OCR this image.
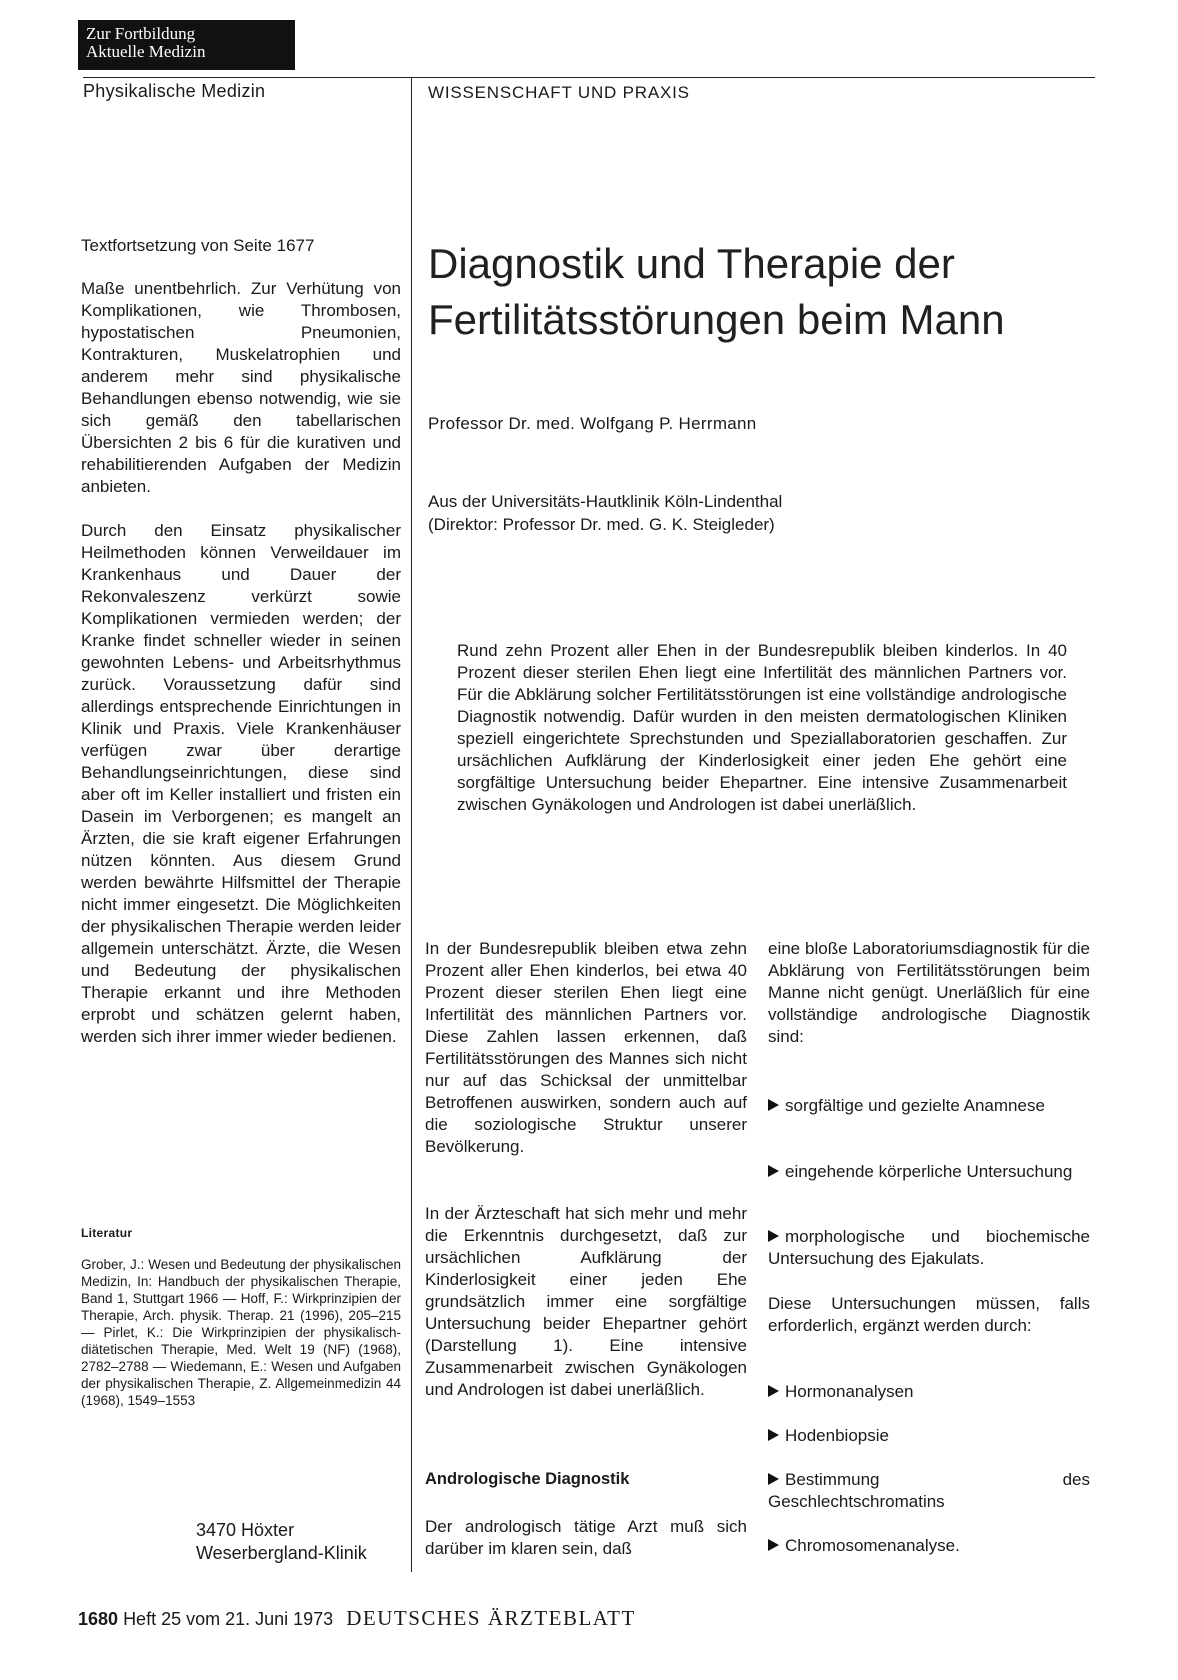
Zur Fortbildung
Aktuelle Medizin
Physikalische Medizin	WISSENSCHAFT UND PRAXIS
Diagnostik und Therapie der Fertilitätsstörungen beim Mann
Professor Dr. med. Wolfgang P. Herrmann
Aus der Universitäts-Hautklinik Köln-Lindenthal
(Direktor: Professor Dr. med. G. K. Steigleder)

Rund zehn Prozent aller Ehen in der Bundesrepublik bleiben kinderlos. In 40 Prozent dieser sterilen Ehen liegt eine Infertilität des männlichen Partners vor. Für die Abklärung solcher Fertilitätsstörungen ist eine vollständige andrologische Diagnostik notwendig. Dafür wurden in den meisten dermatologischen Kliniken speziell eingerichtete Sprechstunden und Speziallaboratorien geschaffen. Zur ursächlichen Aufklärung der Kinderlosigkeit einer jeden Ehe gehört eine sorgfältige Untersuchung beider Ehepartner. Eine intensive Zusammenarbeit zwischen Gynäkologen und Andrologen ist dabei unerläßlich.

Textfortsetzung von Seite 1677

Maße unentbehrlich. Zur Verhütung von Komplikationen, wie Thrombosen, hypostatischen Pneumonien, Kontrakturen, Muskelatrophien und anderem mehr sind physikalische Behandlungen ebenso notwendig, wie sie sich gemäß den tabellarischen Übersichten 2 bis 6 für die kurativen und rehabilitierenden Aufgaben der Medizin anbieten.

Durch den Einsatz physikalischer Heilmethoden können Verweildauer im Krankenhaus und Dauer der Rekonvaleszenz verkürzt sowie Komplikationen vermieden werden; der Kranke findet schneller wieder in seinen gewohnten Lebens- und Arbeitsrhythmus zurück. Voraussetzung dafür sind allerdings entsprechende Einrichtungen in Klinik und Praxis. Viele Krankenhäuser verfügen zwar über derartige Behandlungseinrichtungen, diese sind aber oft im Keller installiert und fristen ein Dasein im Verborgenen; es mangelt an Ärzten, die sie kraft eigener Erfahrungen nützen könnten. Aus diesem Grund werden bewährte Hilfsmittel der Therapie nicht immer eingesetzt. Die Möglichkeiten der physikalischen Therapie werden leider allgemein unterschätzt. Ärzte, die Wesen und Bedeutung der physikalischen Therapie erkannt und ihre Methoden erprobt und schätzen gelernt haben, werden sich ihrer immer wieder bedienen.

Literatur

Grober, J.: Wesen und Bedeutung der physikalischen Medizin, In: Handbuch der physikalischen Therapie, Band 1, Stuttgart 1966 — Hoff, F.: Wirkprinzipien der Therapie, Arch. physik. Therap. 21 (1996), 205–215 — Pirlet, K.: Die Wirkprinzipien der physikalisch-diätetischen Therapie, Med. Welt 19 (NF) (1968), 2782–2788 — Wiedemann, E.: Wesen und Aufgaben der physikalischen Therapie, Z. Allgemeinmedizin 44 (1968), 1549–1553

3470 Höxter
Weserbergland-Klinik

In der Bundesrepublik bleiben etwa zehn Prozent aller Ehen kinderlos, bei etwa 40 Prozent dieser sterilen Ehen liegt eine Infertilität des männlichen Partners vor. Diese Zahlen lassen erkennen, daß Fertilitätsstörungen des Mannes sich nicht nur auf das Schicksal der unmittelbar Betroffenen auswirken, sondern auch auf die soziologische Struktur unserer Bevölkerung.

In der Ärzteschaft hat sich mehr und mehr die Erkenntnis durchgesetzt, daß zur ursächlichen Aufklärung der Kinderlosigkeit einer jeden Ehe grundsätzlich immer eine sorgfältige Untersuchung beider Ehepartner gehört (Darstellung 1). Eine intensive Zusammenarbeit zwischen Gynäkologen und Andrologen ist dabei unerläßlich.

Andrologische Diagnostik

Der andrologisch tätige Arzt muß sich darüber im klaren sein, daß

eine bloße Laboratoriumsdiagnostik für die Abklärung von Fertilitätsstörungen beim Manne nicht genügt. Unerläßlich für eine vollständige andrologische Diagnostik sind:

sorgfältige und gezielte Anamnese
eingehende körperliche Untersuchung
morphologische und biochemische Untersuchung des Ejakulats.

Diese Untersuchungen müssen, falls erforderlich, ergänzt werden durch:

Hormonanalysen
Hodenbiopsie
Bestimmung des Geschlechtschromatins
Chromosomenanalyse.
1680 Heft 25 vom 21. Juni 1973 DEUTSCHES ÄRZTEBLATT
